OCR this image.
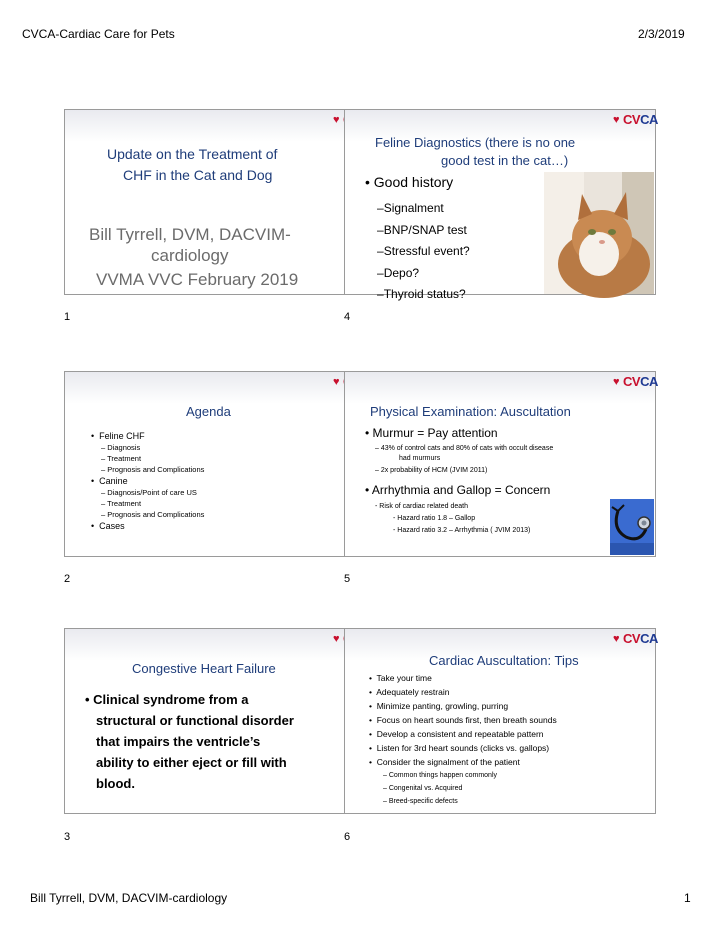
CVCA-Cardiac Care for Pets	2/3/2019
♥
Update on the Treatment of
CHF in the Cat and Dog
Bill Tyrrell, DVM, DACVIM-
cardiology
VVMA VVC February 2019
1
♥ CVCA
Feline Diagnostics (there is no one
good test in the cat…)
• Good history
–Signalment
–BNP/SNAP test
–Stressful event?
–Depo?
–Thyroid status?
4
♥
Agenda
•  Feline CHF
– Diagnosis
– Treatment
– Prognosis and Complications
•  Canine
– Diagnosis/Point of care US
– Treatment
– Prognosis and Complications
•  Cases
2
♥ CVCA
Physical Examination: Auscultation
• Murmur = Pay attention
– 43% of control cats and 80% of cats with occult disease
had murmurs
– 2x probability of HCM (JVIM 2011)
• Arrhythmia and Gallop = Concern
- Risk of cardiac related death
- Hazard ratio 1.8 – Gallop
- Hazard ratio 3.2 – Arrhythmia ( JVIM 2013)
5
♥
Congestive Heart Failure
• Clinical syndrome from a
structural or functional disorder
that impairs the ventricle’s
ability to either eject or fill with
blood.
3
♥ CVCA
Cardiac Auscultation: Tips
•  Take your time
•  Adequately restrain
•  Minimize panting, growling, purring
•  Focus on heart sounds first, then breath sounds
•  Develop a consistent and repeatable pattern
•  Listen for 3rd heart sounds (clicks vs. gallops)
•  Consider the signalment of the patient
– Common things happen commonly
– Congenital vs. Acquired
– Breed-specific defects
6
Bill Tyrrell, DVM, DACVIM-cardiology	1
